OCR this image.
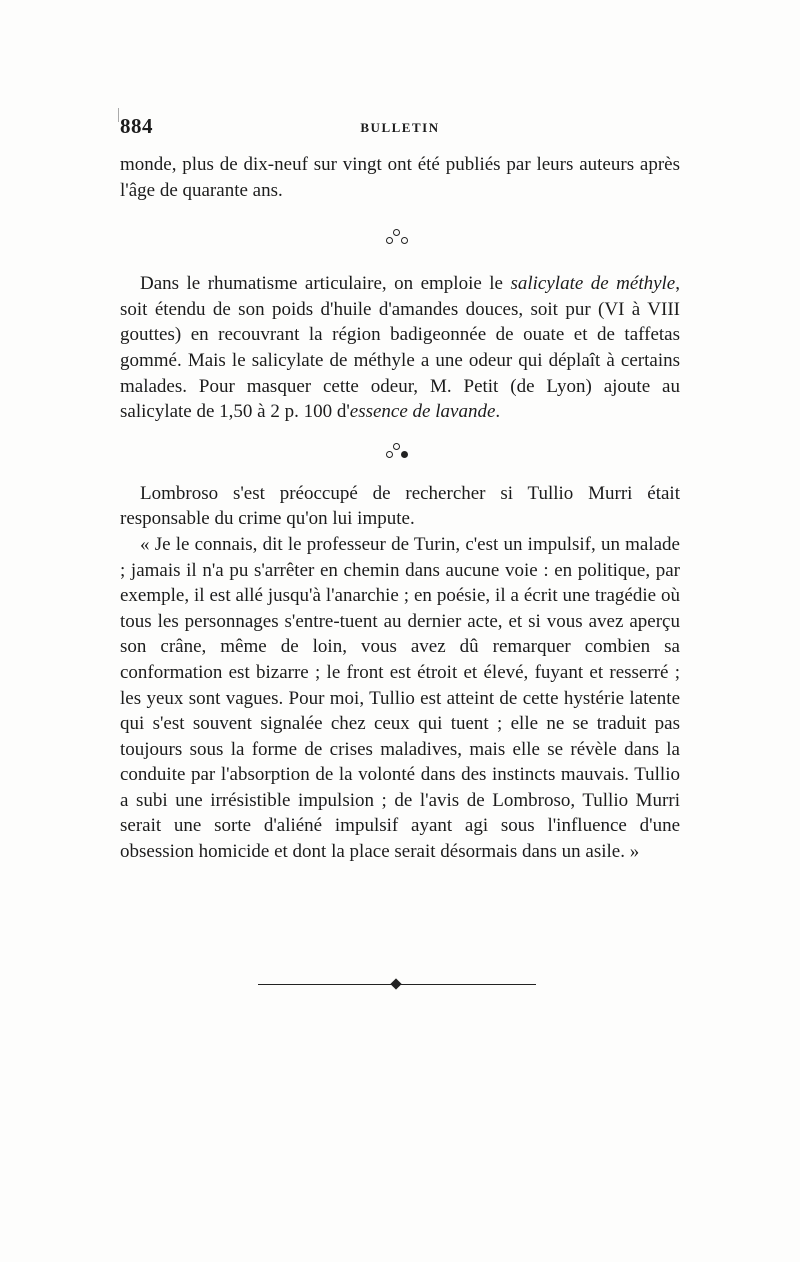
884	BULLETIN

monde, plus de dix-neuf sur vingt ont été publiés par leurs auteurs après l'âge de quarante ans.

Dans le rhumatisme articulaire, on emploie le salicylate de méthyle, soit étendu de son poids d'huile d'amandes douces, soit pur (VI à VIII gouttes) en recouvrant la région badigeonnée de ouate et de taffetas gommé. Mais le salicylate de méthyle a une odeur qui déplaît à certains malades. Pour masquer cette odeur, M. Petit (de Lyon) ajoute au salicylate de 1,50 à 2 p. 100 d'essence de lavande.

Lombroso s'est préoccupé de rechercher si Tullio Murri était responsable du crime qu'on lui impute.

« Je le connais, dit le professeur de Turin, c'est un impulsif, un malade ; jamais il n'a pu s'arrêter en chemin dans aucune voie : en politique, par exemple, il est allé jusqu'à l'anarchie ; en poésie, il a écrit une tragédie où tous les personnages s'entre-tuent au dernier acte, et si vous avez aperçu son crâne, même de loin, vous avez dû remarquer combien sa conformation est bizarre ; le front est étroit et élevé, fuyant et resserré ; les yeux sont vagues. Pour moi, Tullio est atteint de cette hystérie latente qui s'est souvent signalée chez ceux qui tuent ; elle ne se traduit pas toujours sous la forme de crises maladives, mais elle se révèle dans la conduite par l'absorption de la volonté dans des instincts mauvais. Tullio a subi une irrésistible impulsion ; de l'avis de Lombroso, Tullio Murri serait une sorte d'aliéné impulsif ayant agi sous l'influence d'une obsession homicide et dont la place serait désormais dans un asile. »
